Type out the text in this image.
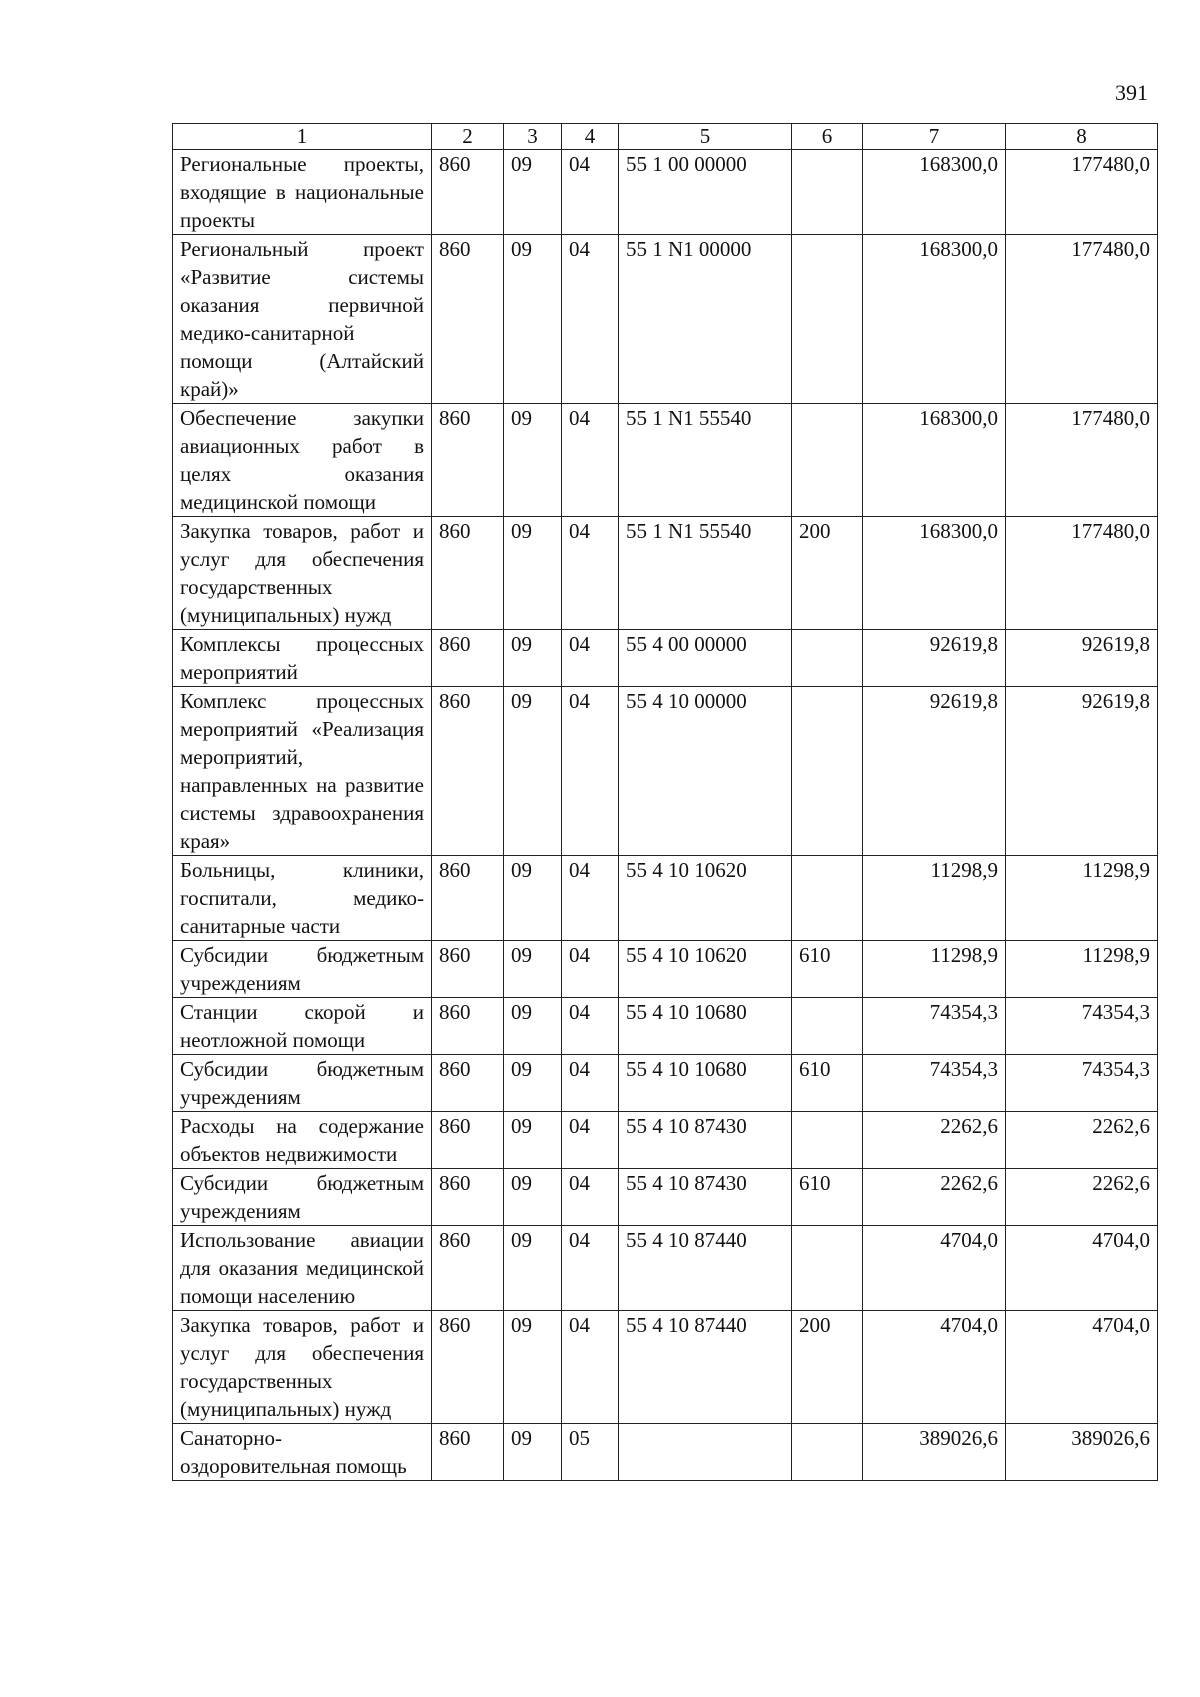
391
1	2	3	4	5	6	7	8
Региональные проекты, входящие в национальные проекты	860	09	04	55 1 00 00000		168300,0	177480,0
Региональный проект «Развитие системы оказания первичной медико-санитарной помощи (Алтайский край)»	860	09	04	55 1 N1 00000		168300,0	177480,0
Обеспечение закупки авиационных работ в целях оказания медицинской помощи	860	09	04	55 1 N1 55540		168300,0	177480,0
Закупка товаров, работ и услуг для обеспечения государственных (муниципальных) нужд	860	09	04	55 1 N1 55540	200	168300,0	177480,0
Комплексы процессных мероприятий	860	09	04	55 4 00 00000		92619,8	92619,8
Комплекс процессных мероприятий «Реализация мероприятий, направленных на развитие системы здравоохранения края»	860	09	04	55 4 10 00000		92619,8	92619,8
Больницы, клиники, госпитали, медико-санитарные части	860	09	04	55 4 10 10620		11298,9	11298,9
Субсидии бюджетным учреждениям	860	09	04	55 4 10 10620	610	11298,9	11298,9
Станции скорой и неотложной помощи	860	09	04	55 4 10 10680		74354,3	74354,3
Субсидии бюджетным учреждениям	860	09	04	55 4 10 10680	610	74354,3	74354,3
Расходы на содержание объектов недвижимости	860	09	04	55 4 10 87430		2262,6	2262,6
Субсидии бюджетным учреждениям	860	09	04	55 4 10 87430	610	2262,6	2262,6
Использование авиации для оказания медицинской помощи населению	860	09	04	55 4 10 87440		4704,0	4704,0
Закупка товаров, работ и услуг для обеспечения государственных (муниципальных) нужд	860	09	04	55 4 10 87440	200	4704,0	4704,0
Санаторно-оздоровительная помощь	860	09	05			389026,6	389026,6
